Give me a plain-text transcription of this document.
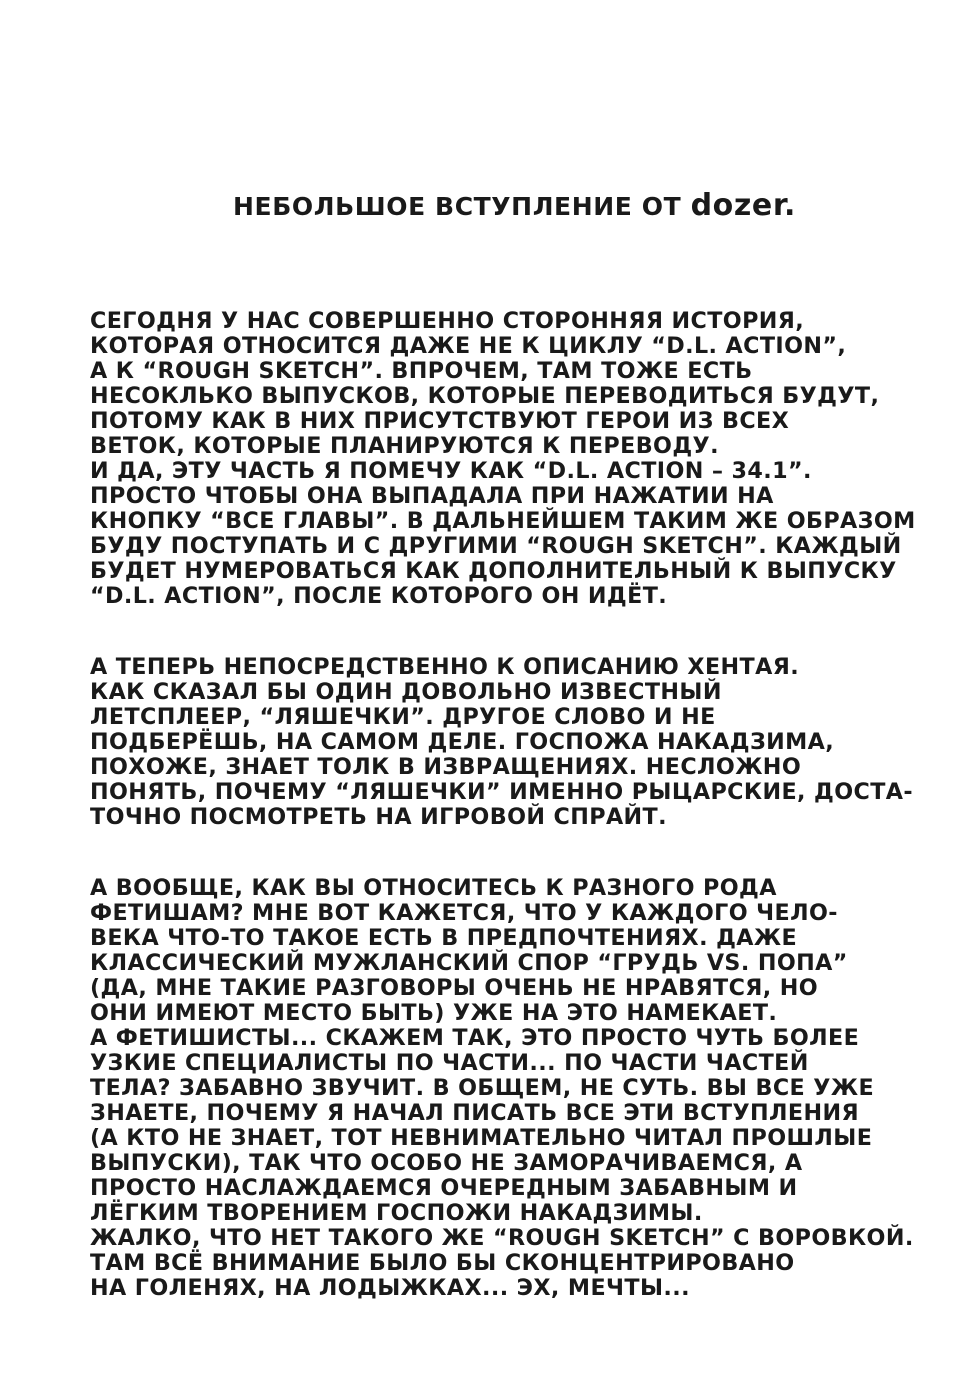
НЕБОЛЬШОЕ ВСТУПЛЕНИЕ ОТ dozer.
СЕГОДНЯ У НАС СОВЕРШЕННО СТОРОННЯЯ ИСТОРИЯ,
КОТОРАЯ ОТНОСИТСЯ ДАЖЕ НЕ К ЦИКЛУ “D.L. ACTION”,
А К “ROUGH SKETCH”. ВПРОЧЕМ, ТАМ ТОЖЕ ЕСТЬ
НЕСОКЛЬКО ВЫПУСКОВ, КОТОРЫЕ ПЕРЕВОДИТЬСЯ БУДУТ,
ПОТОМУ КАК В НИХ ПРИСУТСТВУЮТ ГЕРОИ ИЗ ВСЕХ
ВЕТОК, КОТОРЫЕ ПЛАНИРУЮТСЯ К ПЕРЕВОДУ.
И ДА, ЭТУ ЧАСТЬ Я ПОМЕЧУ КАК “D.L. ACTION – 34.1”.
ПРОСТО ЧТОБЫ ОНА ВЫПАДАЛА ПРИ НАЖАТИИ НА
КНОПКУ “ВСЕ ГЛАВЫ”. В ДАЛЬНЕЙШЕМ ТАКИМ ЖЕ ОБРАЗОМ
БУДУ ПОСТУПАТЬ И С ДРУГИМИ “ROUGH SKETCH”. КАЖДЫЙ
БУДЕТ НУМЕРОВАТЬСЯ КАК ДОПОЛНИТЕЛЬНЫЙ К ВЫПУСКУ
“D.L. ACTION”, ПОСЛЕ КОТОРОГО ОН ИДЁТ.
А ТЕПЕРЬ НЕПОСРЕДСТВЕННО К ОПИСАНИЮ ХЕНТАЯ.
КАК СКАЗАЛ БЫ ОДИН ДОВОЛЬНО ИЗВЕСТНЫЙ
ЛЕТСПЛЕЕР, “ЛЯШЕЧКИ”. ДРУГОЕ СЛОВО И НЕ
ПОДБЕРЁШЬ, НА САМОМ ДЕЛЕ. ГОСПОЖА НАКАДЗИМА,
ПОХОЖЕ, ЗНАЕТ ТОЛК В ИЗВРАЩЕНИЯХ. НЕСЛОЖНО
ПОНЯТЬ, ПОЧЕМУ “ЛЯШЕЧКИ” ИМЕННО РЫЦАРСКИЕ, ДОСТА-
ТОЧНО ПОСМОТРЕТЬ НА ИГРОВОЙ СПРАЙТ.
А ВООБЩЕ, КАК ВЫ ОТНОСИТЕСЬ К РАЗНОГО РОДА
ФЕТИШАМ? МНЕ ВОТ КАЖЕТСЯ, ЧТО У КАЖДОГО ЧЕЛО-
ВЕКА ЧТО-ТО ТАКОЕ ЕСТЬ В ПРЕДПОЧТЕНИЯХ. ДАЖЕ
КЛАССИЧЕСКИЙ МУЖЛАНСКИЙ СПОР “ГРУДЬ VS. ПОПА”
(ДА, МНЕ ТАКИЕ РАЗГОВОРЫ ОЧЕНЬ НЕ НРАВЯТСЯ, НО
ОНИ ИМЕЮТ МЕСТО БЫТЬ) УЖЕ НА ЭТО НАМЕКАЕТ.
А ФЕТИШИСТЫ... СКАЖЕМ ТАК, ЭТО ПРОСТО ЧУТЬ БОЛЕЕ
УЗКИЕ СПЕЦИАЛИСТЫ ПО ЧАСТИ... ПО ЧАСТИ ЧАСТЕЙ
ТЕЛА? ЗАБАВНО ЗВУЧИТ. В ОБЩЕМ, НЕ СУТЬ. ВЫ ВСЕ УЖЕ
ЗНАЕТЕ, ПОЧЕМУ Я НАЧАЛ ПИСАТЬ ВСЕ ЭТИ ВСТУПЛЕНИЯ
(А КТО НЕ ЗНАЕТ, ТОТ НЕВНИМАТЕЛЬНО ЧИТАЛ ПРОШЛЫЕ
ВЫПУСКИ), ТАК ЧТО ОСОБО НЕ ЗАМОРАЧИВАЕМСЯ, А
ПРОСТО НАСЛАЖДАЕМСЯ ОЧЕРЕДНЫМ ЗАБАВНЫМ И
ЛЁГКИМ ТВОРЕНИЕМ ГОСПОЖИ НАКАДЗИМЫ.
ЖАЛКО, ЧТО НЕТ ТАКОГО ЖЕ “ROUGH SKETCH” С ВОРОВКОЙ.
ТАМ ВСЁ ВНИМАНИЕ БЫЛО БЫ СКОНЦЕНТРИРОВАНО
НА ГОЛЕНЯХ, НА ЛОДЫЖКАХ... ЭХ, МЕЧТЫ...
